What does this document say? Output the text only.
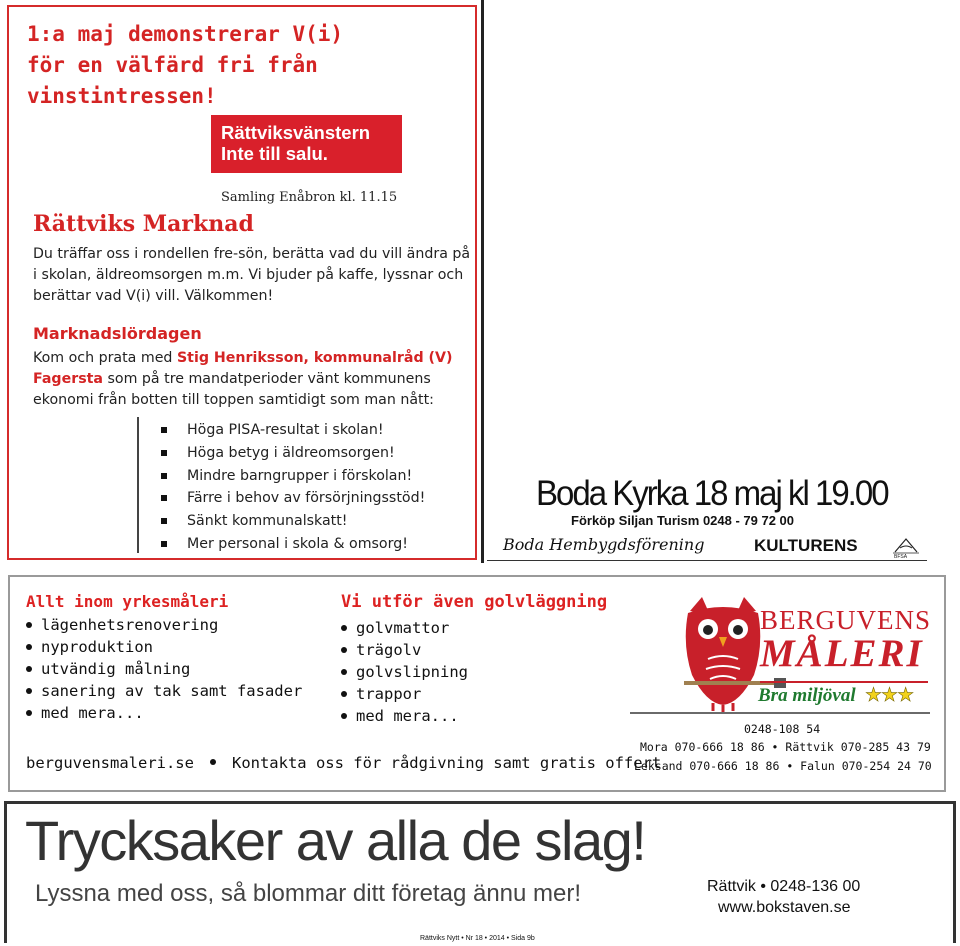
1:a maj demonstrerar V(i)
för en välfärd fri från vinstintressen!
Rättviksvänstern
Inte till salu.
Samling Enåbron kl. 11.15
Rättviks Marknad
Du träffar oss i rondellen fre-sön, berätta vad du vill ändra på i skolan, äldreomsorgen m.m. Vi bjuder på kaffe, lyssnar och berättar vad V(i) vill. Välkommen!
Marknadslördagen
Kom och prata med Stig Henriksson, kommunalråd (V) Fagersta som på tre mandatperioder vänt kommunens ekonomi från botten till toppen samtidigt som man nått:
Höga PISA-resultat i skolan!
Höga betyg i äldreomsorgen!
Mindre barngrupper i förskolan!
Färre i behov av försörjningsstöd!
Sänkt kommunalskatt!
Mer personal i skola & omsorg!
Boda Kyrka 18 maj kl 19.00
Förköp Siljan Turism 0248 - 79 72 00
Boda Hembygdsförening	KULTURENS
BFSA
Allt inom yrkesmåleri
lägenhetsrenovering
nyproduktion
utvändig målning
sanering av tak samt fasader
med mera...
Vi utför även golvläggning
golvmattor
trägolv
golvslipning
trappor
med mera...
berguvensmaleri.se Kontakta oss för rådgivning samt gratis offert
BERGUVENS
MÅLERI
Bra miljöval ★★★
0248-108 54
Mora 070-666 18 86 • Rättvik 070-285 43 79
Leksand 070-666 18 86 • Falun 070-254 24 70
Trycksaker av alla de slag!
Lyssna med oss, så blommar ditt företag ännu mer!	Rättvik • 0248-136 00
www.bokstaven.se
Rättviks Nytt • Nr 18 • 2014 • Sida 9b
